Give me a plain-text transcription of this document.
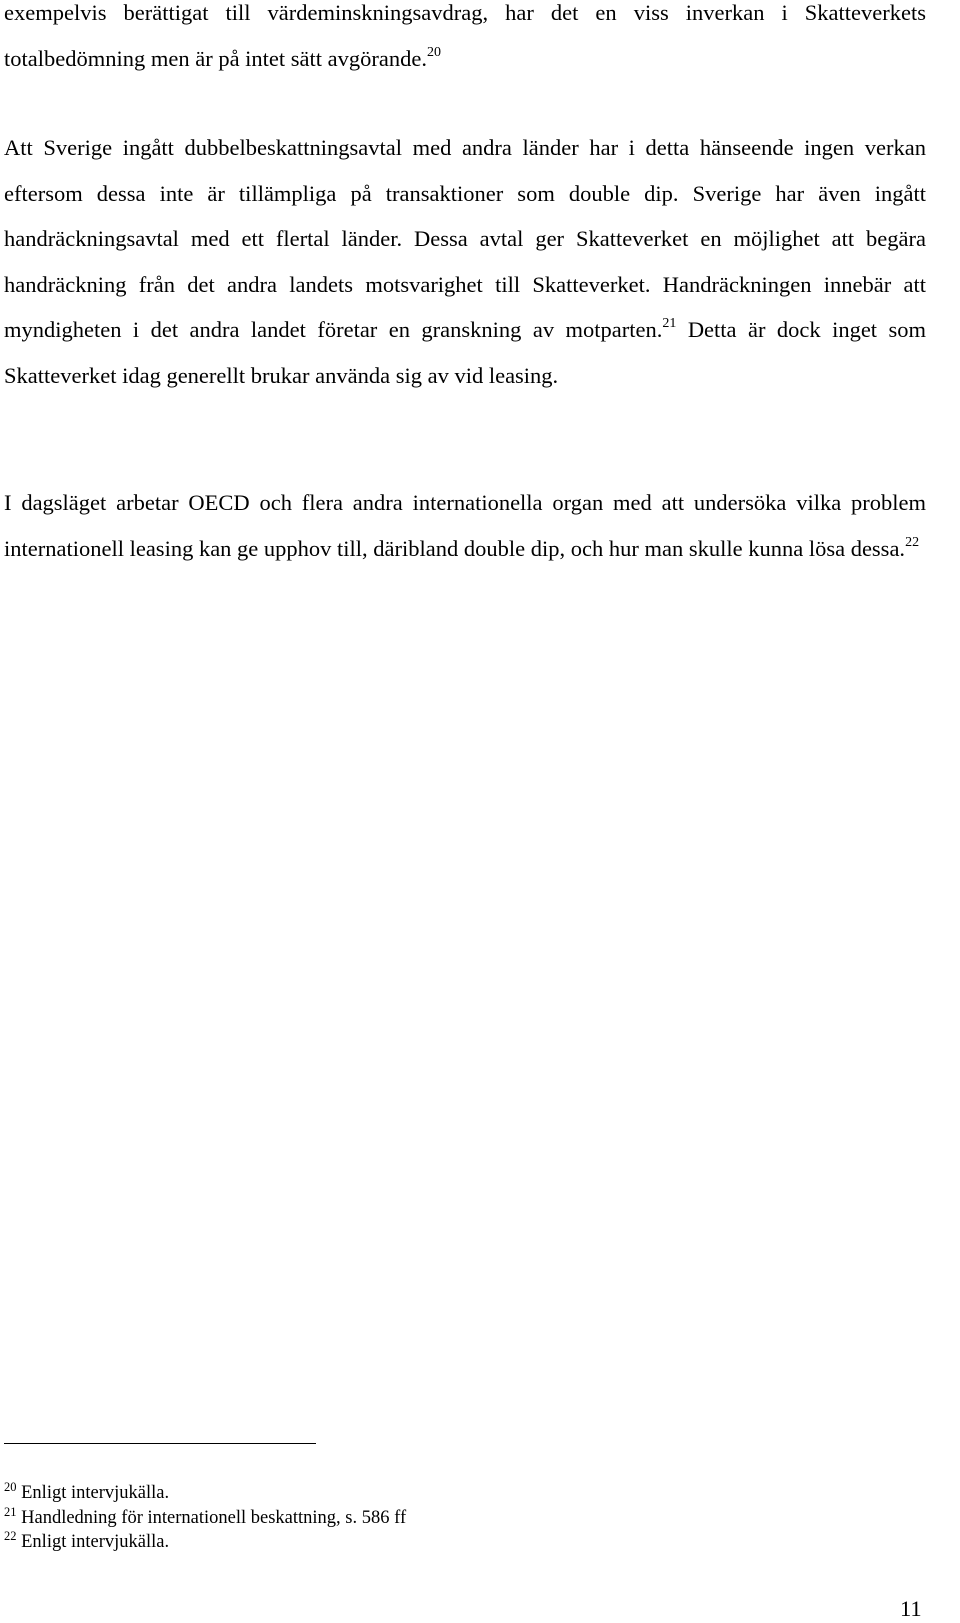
exempelvis berättigat till värdeminskningsavdrag, har det en viss inverkan i Skatteverkets totalbedömning men är på intet sätt avgörande.$^{20}$

Att Sverige ingått dubbelbeskattningsavtal med andra länder har i detta hänseende ingen verkan eftersom dessa inte är tillämpliga på transaktioner som double dip. Sverige har även ingått handräckningsavtal med ett flertal länder. Dessa avtal ger Skatteverket en möjlighet att begära handräckning från det andra landets motsvarighet till Skatteverket. Handräckningen innebär att myndigheten i det andra landet företar en granskning av motparten.$^{21}$ Detta är dock inget som Skatteverket idag generellt brukar använda sig av vid leasing.

I dagsläget arbetar OECD och flera andra internationella organ med att undersöka vilka problem internationell leasing kan ge upphov till, däribland double dip, och hur man skulle kunna lösa dessa.$^{22}$

$^{20}$ Enligt intervjukälla.

$^{21}$ Handledning för internationell beskattning, s. 586 ff

$^{22}$ Enligt intervjukälla.

11
